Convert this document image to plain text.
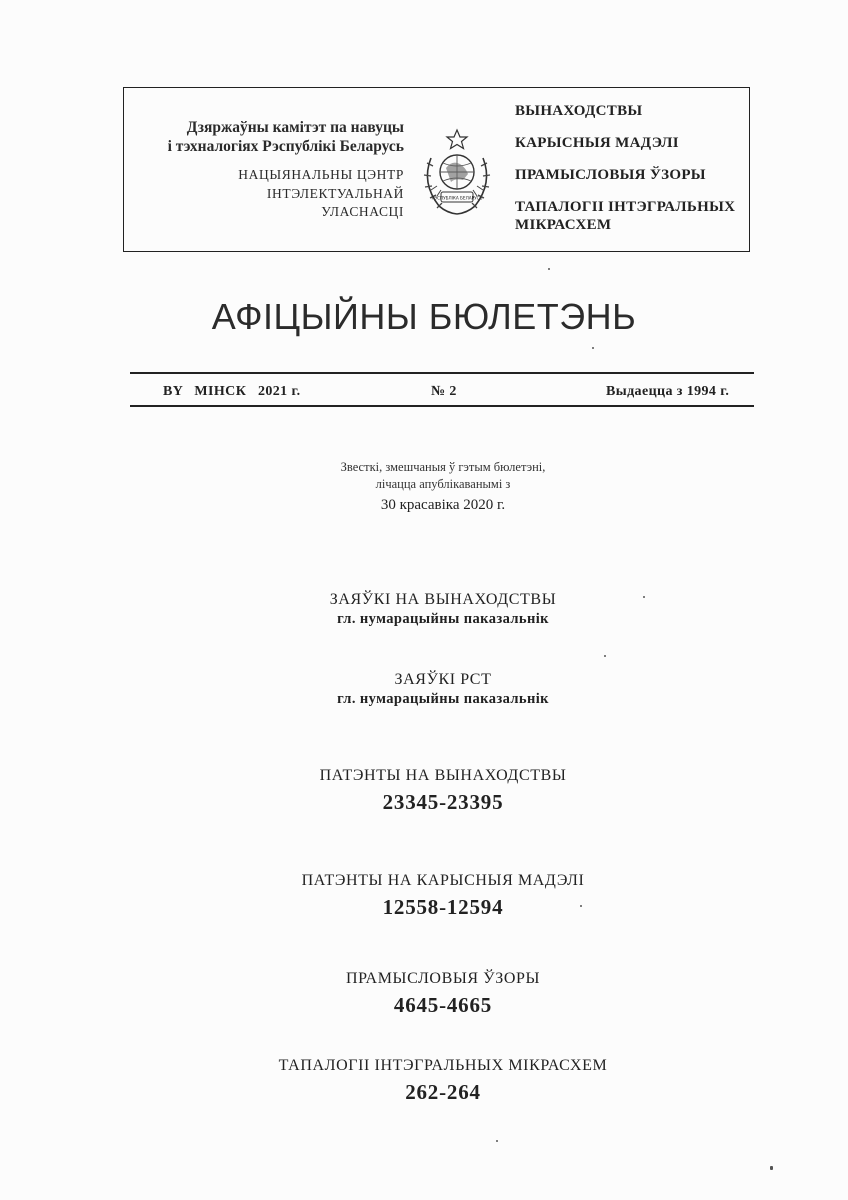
Дзяржаўны камітэт па навуцы
і тэхналогіях Рэспублікі Беларусь
НАЦЫЯНАЛЬНЫ ЦЭНТР
ІНТЭЛЕКТУАЛЬНАЙ
УЛАСНАСЦІ
РЭСПУБЛІКА БЕЛАРУСЬ
ВЫНАХОДСТВЫ
КАРЫСНЫЯ МАДЭЛІ
ПРАМЫСЛОВЫЯ ЎЗОРЫ
ТАПАЛОГІІ ІНТЭГРАЛЬНЫХ
МІКРАСХЕМ
АФІЦЫЙНЫ БЮЛЕТЭНЬ
BY   МІНСК   2021 г.	№ 2	Выдаецца з 1994 г.
Звесткі, змешчаныя ў гэтым бюлетэні,
лічацца апублікаванымі з
30 красавіка 2020 г.
ЗАЯЎКІ НА ВЫНАХОДСТВЫ
гл. нумарацыйны паказальнік
ЗАЯЎКІ PCT
гл. нумарацыйны паказальнік
ПАТЭНТЫ НА ВЫНАХОДСТВЫ
23345-23395
ПАТЭНТЫ НА КАРЫСНЫЯ МАДЭЛІ
12558-12594
ПРАМЫСЛОВЫЯ ЎЗОРЫ
4645-4665
ТАПАЛОГІІ ІНТЭГРАЛЬНЫХ МІКРАСХЕМ
262-264
